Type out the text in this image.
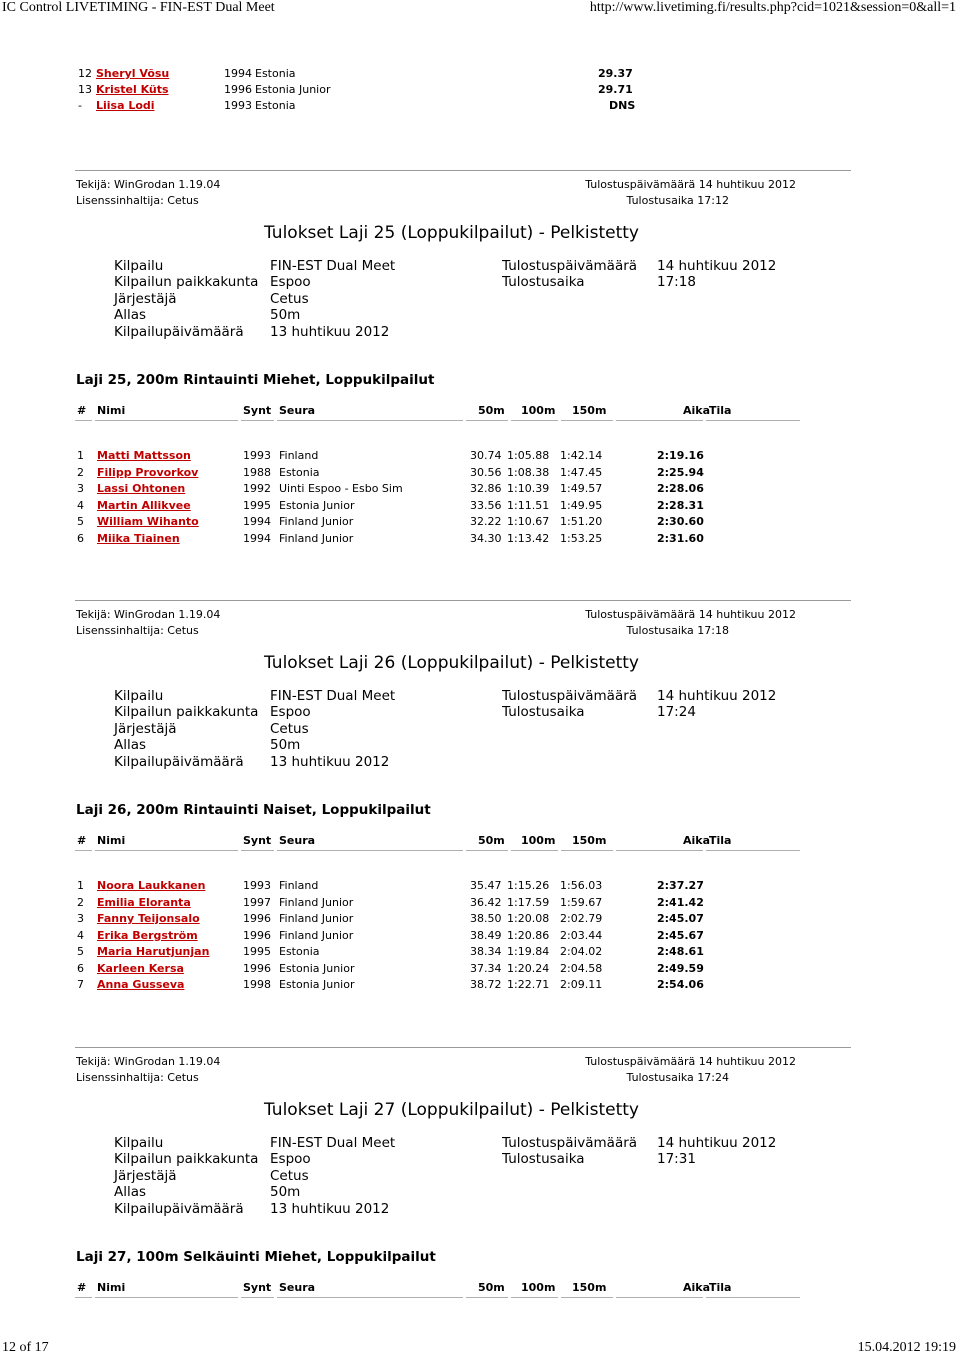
IC Control LIVETIMING - FIN-EST Dual Meet	http://www.livetiming.fi/results.php?cid=1021&session=0&all=1
12 of 17	15.04.2012 19:19
12 Sheryl Võsu	1994 Estonia	29.37
13 Kristel Küts	1996 Estonia Junior	29.71
- Liisa Lodi	1993 Estonia	DNS
Tekijä: WinGrodan 1.19.04	Tulostuspäivämäärä 14 huhtikuu 2012
Lisenssinhaltija: Cetus	Tulostusaika 17:12
Tulokset Laji 25 (Loppukilpailut) - Pelkistetty
Kilpailu	FIN-EST Dual Meet
Kilpailun paikkakunta Espoo
Järjestäjä	Cetus
Allas	50m
Kilpailupäivämäärä 13 huhtikuu 2012
Tulostuspäivämäärä 14 huhtikuu 2012
Tulostusaika	17:18
Laji 25, 200m Rintauinti Miehet, Loppukilpailut
# Nimi	Synt Seura	50m 100m 150m	Aika
Tila
1 Matti Mattsson	1993 Finland	30.74 1:05.88 1:42.14	2:19.16
2 Filipp Provorkov	1988 Estonia	30.56 1:08.38 1:47.45	2:25.94
3 Lassi Ohtonen	1992 Uinti Espoo - Esbo Sim	32.86 1:10.39 1:49.57	2:28.06
4 Martin Allikvee	1995 Estonia Junior	33.56 1:11.51 1:49.95	2:28.31
5 William Wihanto	1994 Finland Junior	32.22 1:10.67 1:51.20	2:30.60
6 Miika Tiainen	1994 Finland Junior	34.30 1:13.42 1:53.25	2:31.60
Tekijä: WinGrodan 1.19.04	Tulostuspäivämäärä 14 huhtikuu 2012
Lisenssinhaltija: Cetus	Tulostusaika 17:18
Tulokset Laji 26 (Loppukilpailut) - Pelkistetty
Kilpailu	FIN-EST Dual Meet
Kilpailun paikkakunta Espoo
Järjestäjä	Cetus
Allas	50m
Kilpailupäivämäärä 13 huhtikuu 2012
Tulostuspäivämäärä 14 huhtikuu 2012
Tulostusaika	17:24
Laji 26, 200m Rintauinti Naiset, Loppukilpailut
# Nimi	Synt Seura	50m 100m 150m	Aika
Tila
1 Noora Laukkanen	1993 Finland	35.47 1:15.26 1:56.03	2:37.27
2 Emilia Eloranta	1997 Finland Junior	36.42 1:17.59 1:59.67	2:41.42
3 Fanny Teijonsalo	1996 Finland Junior	38.50 1:20.08 2:02.79	2:45.07
4 Erika Bergström	1996 Finland Junior	38.49 1:20.86 2:03.44	2:45.67
5 Maria Harutjunjan	1995 Estonia	38.34 1:19.84 2:04.02	2:48.61
6 Karleen Kersa	1996 Estonia Junior	37.34 1:20.24 2:04.58	2:49.59
7 Anna Gusseva	1998 Estonia Junior	38.72 1:22.71 2:09.11	2:54.06
Tekijä: WinGrodan 1.19.04	Tulostuspäivämäärä 14 huhtikuu 2012
Lisenssinhaltija: Cetus	Tulostusaika 17:24
Tulokset Laji 27 (Loppukilpailut) - Pelkistetty
Kilpailu	FIN-EST Dual Meet
Kilpailun paikkakunta Espoo
Järjestäjä	Cetus
Allas	50m
Kilpailupäivämäärä 13 huhtikuu 2012
Tulostuspäivämäärä 14 huhtikuu 2012
Tulostusaika	17:31
Laji 27, 100m Selkäuinti Miehet, Loppukilpailut
# Nimi	Synt Seura	50m 100m 150m	Aika
Tila
